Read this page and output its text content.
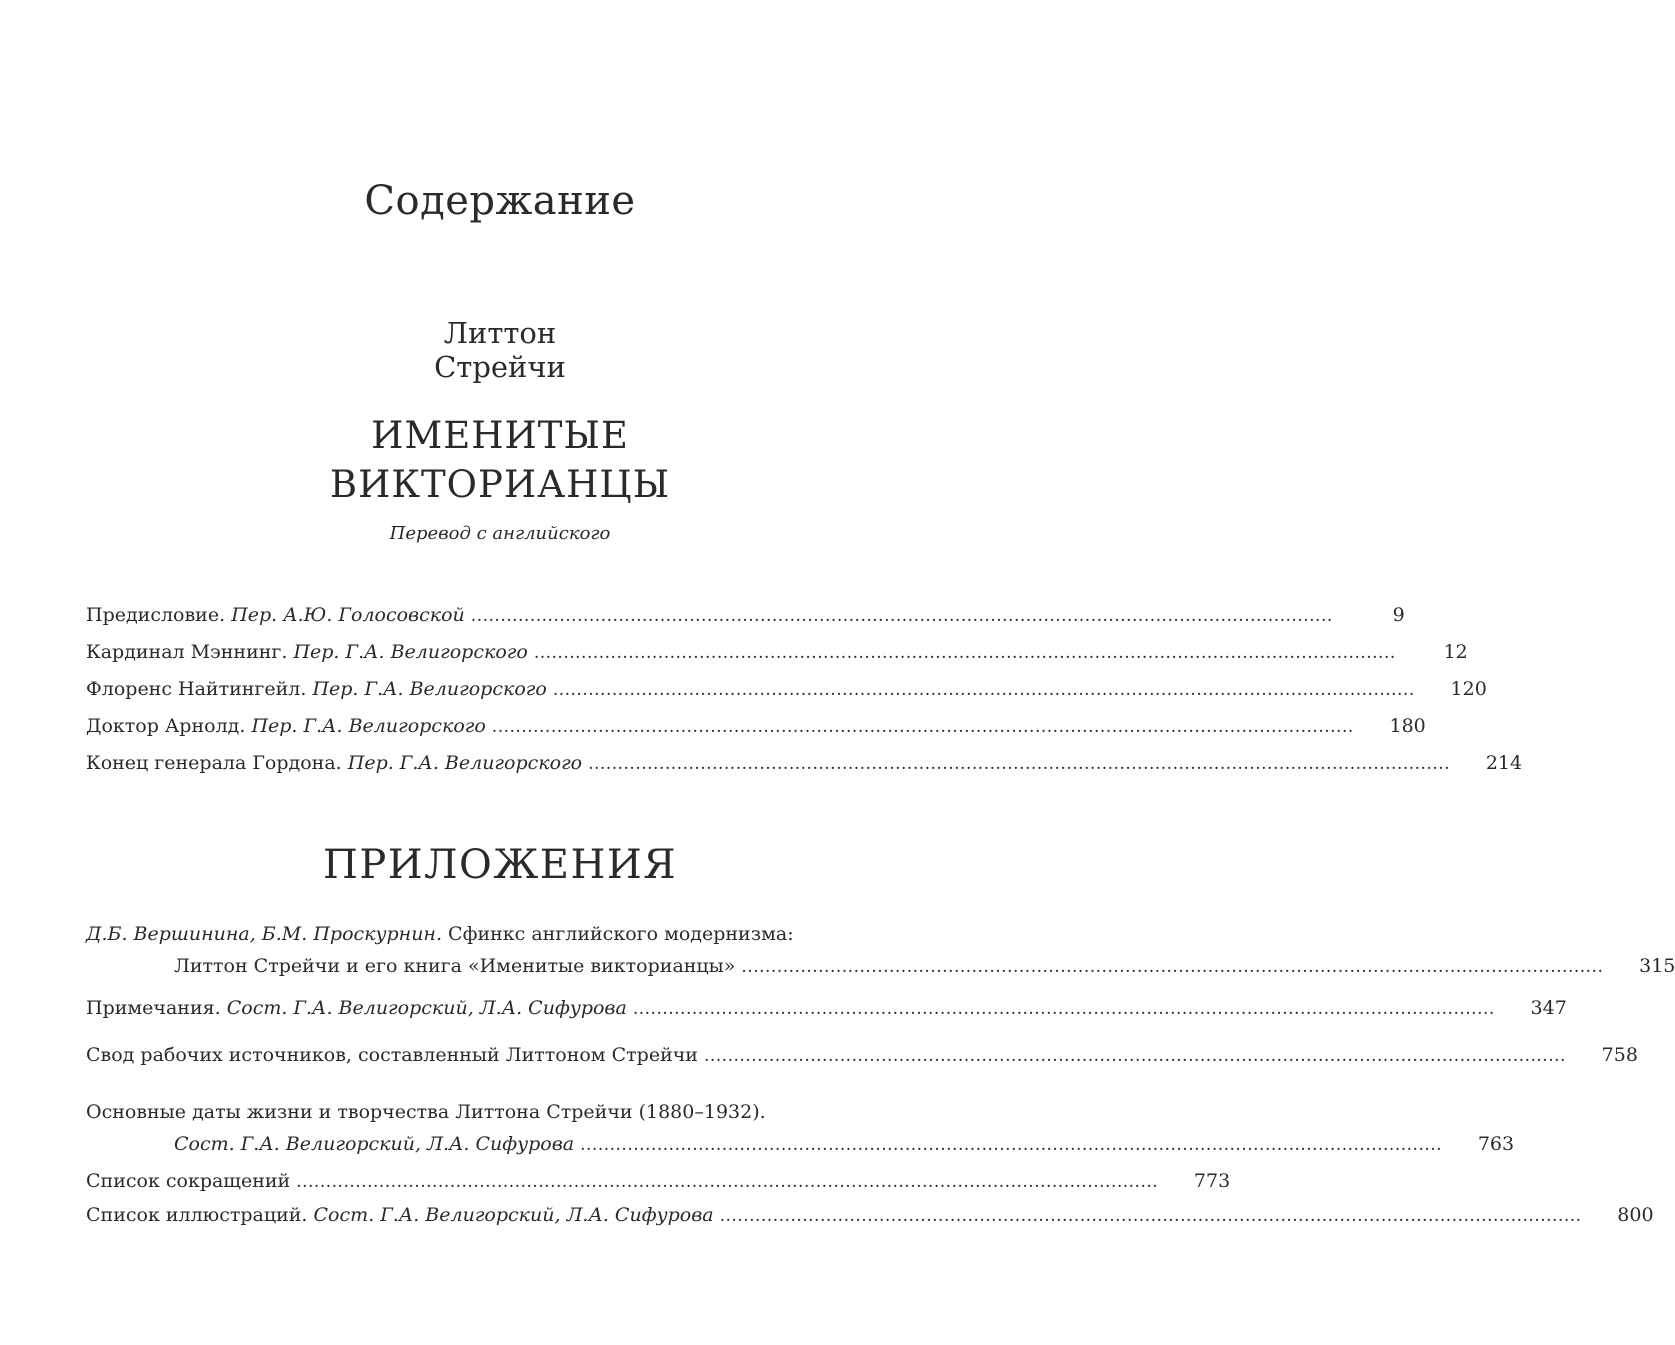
Содержание
Литтон
Стрейчи
ИМЕНИТЫЕ
ВИКТОРИАНЦЫ
Перевод с английского
Предисловие. Пер. А.Ю. Голосовской ..................................................................................................................................................	9
Кардинал Мэннинг. Пер. Г.А. Велигорского ..................................................................................................................................................	12
Флоренс Найтингейл. Пер. Г.А. Велигорского .................................................................................................................................................. 120
Доктор Арнолд. Пер. Г.А. Велигорского .................................................................................................................................................. 180
Конец генерала Гордона. Пер. Г.А. Велигорского .................................................................................................................................................. 214
ПРИЛОЖЕНИЯ
Д.Б. Вершинина, Б.М. Проскурнин. Сфинкс английского модернизма:
Литтон Стрейчи и его книга «Именитые викторианцы» .................................................................................................................................................. 315
Примечания. Сост. Г.А. Велигорский, Л.А. Сифурова .................................................................................................................................................. 347
Свод рабочих источников, составленный Литтоном Стрейчи .................................................................................................................................................. 758
Основные даты жизни и творчества Литтона Стрейчи (1880–1932).
Сост. Г.А. Велигорский, Л.А. Сифурова .................................................................................................................................................. 763
Список сокращений .................................................................................................................................................. 773
Список иллюстраций. Сост. Г.А. Велигорский, Л.А. Сифурова .................................................................................................................................................. 800
